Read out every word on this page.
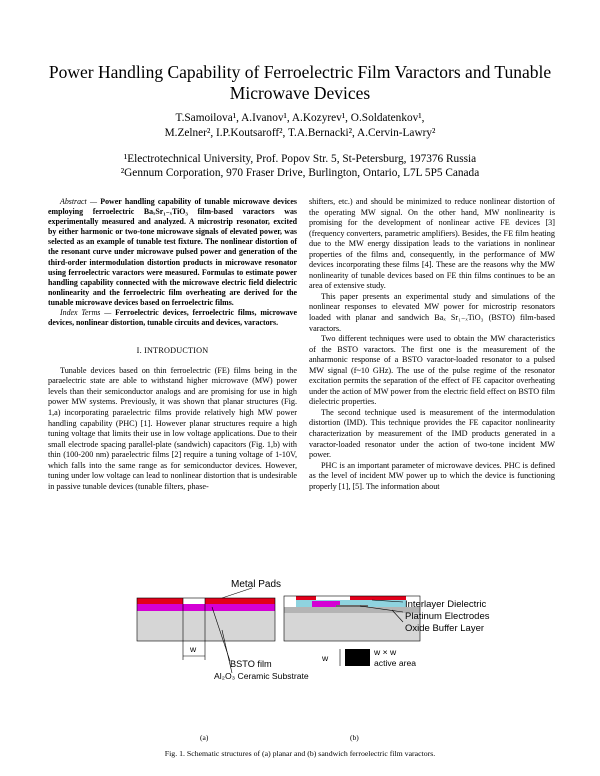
Power Handling Capability of Ferroelectric Film Varactors and Tunable
Microwave Devices
T.Samoilova¹, A.Ivanov¹, A.Kozyrev¹, O.Soldatenkov¹,
M.Zelner², I.P.Koutsaroff², T.A.Bernacki², A.Cervin-Lawry²
¹Electrotechnical University, Prof. Popov Str. 5, St-Petersburg, 197376 Russia
²Gennum Corporation, 970 Fraser Drive, Burlington, Ontario, L7L 5P5 Canada

Abstract — Power handling capability of tunable microwave devices employing ferroelectric BaₓSr₁₋ₓTiO₃ film-based varactors was experimentally measured and analyzed. A microstrip resonator, excited by either harmonic or two-tone microwave signals of elevated power, was selected as an example of tunable test fixture. The nonlinear distortion of the resonant curve under microwave pulsed power and generation of the third-order intermodulation distortion products in microwave resonator using ferroelectric varactors were measured. Formulas to estimate power handling capability connected with the microwave electric field dielectric nonlinearity and the ferroelectric film overheating are derived for the tunable microwave devices based on ferroelectric films.

Index Terms — Ferroelectric devices, ferroelectric films, microwave devices, nonlinear distortion, tunable circuits and devices, varactors.

I. INTRODUCTION

Tunable devices based on thin ferroelectric (FE) films being in the paraelectric state are able to withstand higher microwave (MW) power levels than their semiconductor analogs and are promising for use in high power MW systems. Previously, it was shown that planar structures (Fig. 1,a) incorporating paraelectric films provide relatively high MW power handling capability (PHC) [1]. However planar structures require a high tuning voltage that limits their use in low voltage applications. Due to their small electrode spacing parallel-plate (sandwich) capacitors (Fig. 1,b) with thin (100-200 nm) paraelectric films [2] require a tuning voltage of 1-10V, which falls into the same range as for semiconductor devices. However, tuning under low voltage can lead to nonlinear distortion that is undesirable in passive tunable devices (tunable filters, phase-

shifters, etc.) and should be minimized to reduce nonlinear distortion of the operating MW signal. On the other hand, MW nonlinearity is promising for the development of nonlinear active FE devices [3] (frequency converters, parametric amplifiers). Besides, the FE film heating due to the MW energy dissipation leads to the variations in nonlinear properties of the films and, consequently, in the performance of MW devices incorporating these films [4]. These are the reasons why the MW nonlinearity of tunable devices based on FE thin films continues to be an area of extensive study.

This paper presents an experimental study and simulations of the nonlinear responses to elevated MW power for microstrip resonators loaded with planar and sandwich Baₓ Sr₁₋ₓTiO₃ (BSTO) film-based varactors.

Two different techniques were used to obtain the MW characteristics of the BSTO varactors. The first one is the measurement of the anharmonic response of a BSTO varactor-loaded resonator to a pulsed MW signal (f~10 GHz). The use of the pulse regime of the resonator excitation permits the separation of the effect of FE capacitor overheating under the action of MW power from the electric field effect on BSTO film dielectric properties.

The second technique used is measurement of the intermodulation distortion (IMD). This technique provides the FE capacitor nonlinearity characterization by measurement of the IMD products generated in a varactor-loaded resonator under the action of two-tone incident MW power.

PHC is an important parameter of microwave devices. PHC is defined as the level of incident MW power up to which the device is functioning properly [1], [5]. The information about

Metal Pads
BSTO film
Al₂O₃ Ceramic Substrate
w
Interlayer Dielectric
Platinum Electrodes
Oxide Buffer Layer
w
w × w
active area
(a)	(b)
Fig. 1. Schematic structures of (a) planar and (b) sandwich ferroelectric film varactors.
